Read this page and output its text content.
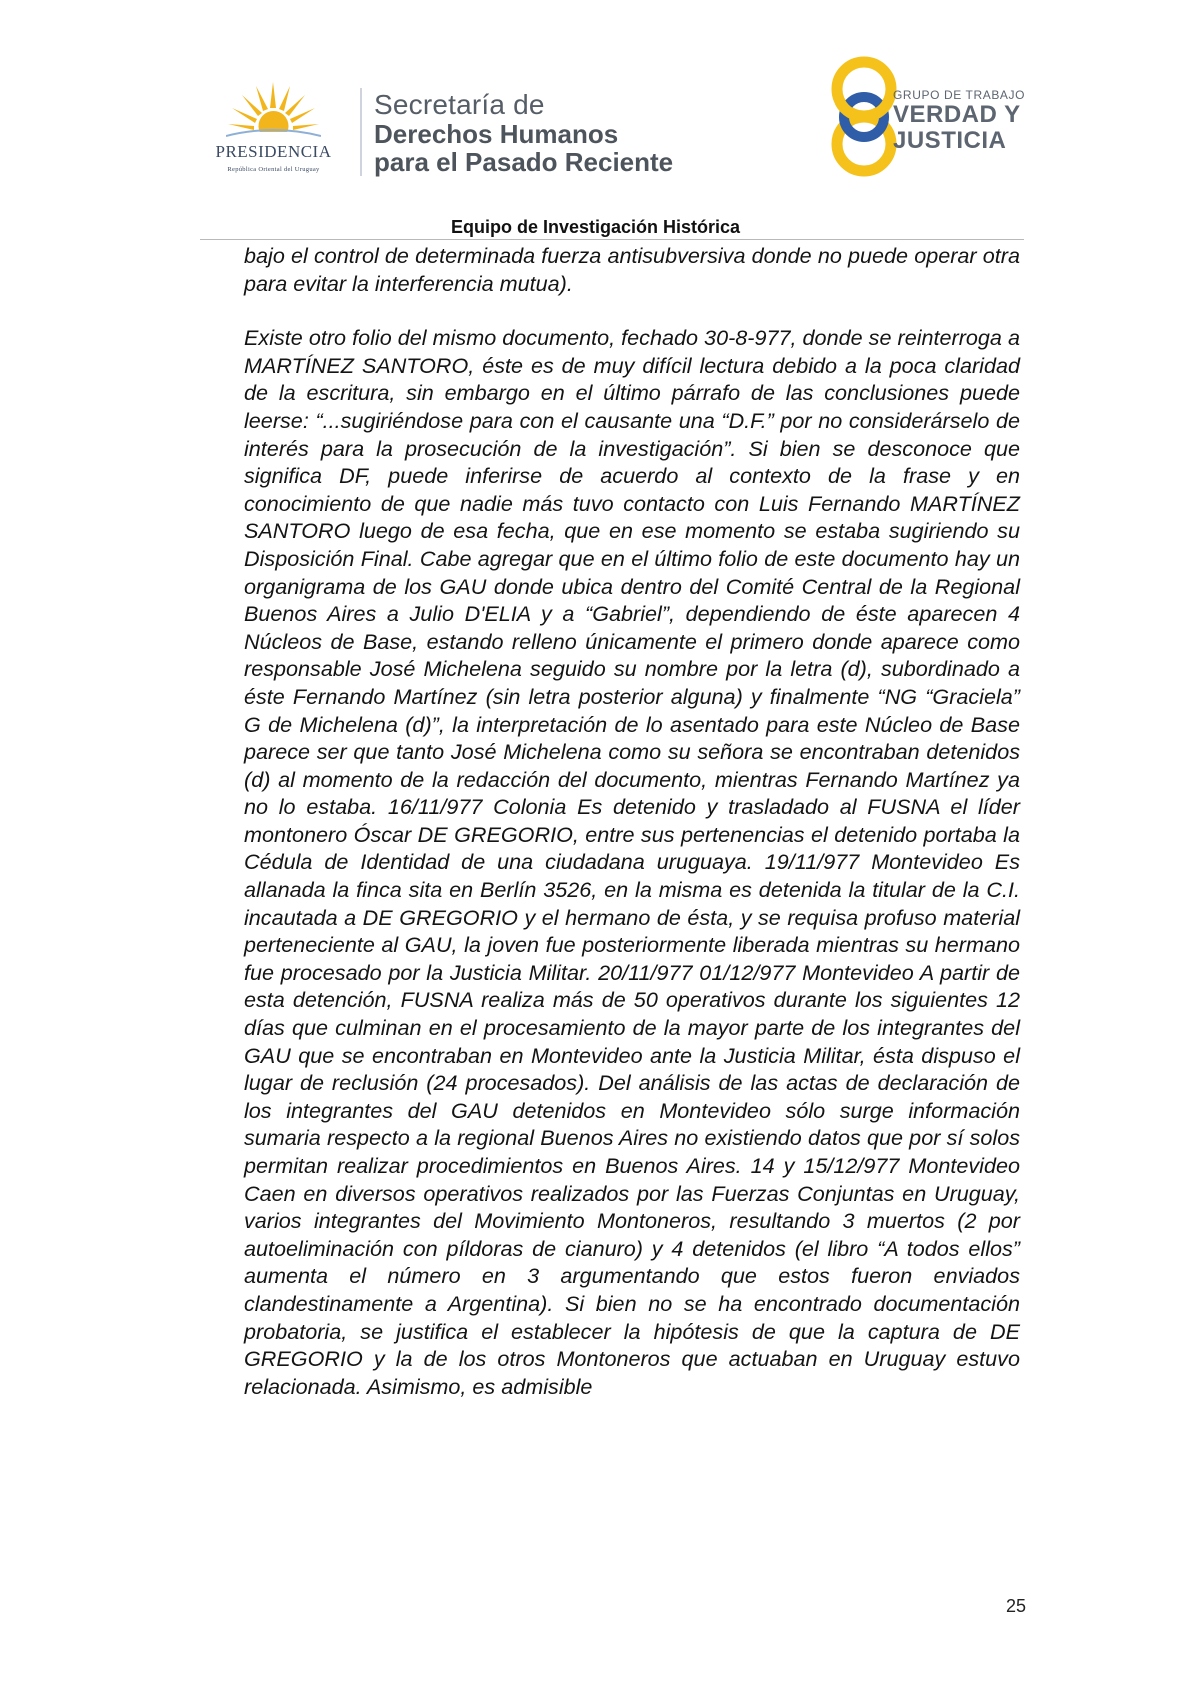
PRESIDENCIA
República Oriental del Uruguay
Secretaría de
Derechos Humanos
para el Pasado Reciente
GRUPO DE TRABAJO
VERDAD Y
JUSTICIA
Equipo de Investigación Histórica

bajo el control de determinada fuerza antisubversiva donde no puede operar otra para evitar la interferencia mutua).

Existe otro folio del mismo documento, fechado 30-8-977, donde se reinterroga a MARTÍNEZ SANTORO, éste es de muy difícil lectura debido a la poca claridad de la escritura, sin embargo en el último párrafo de las conclusiones puede leerse: “...sugiriéndose para con el causante una “D.F.” por no considerárselo de interés para la prosecución de la investigación”. Si bien se desconoce que significa DF, puede inferirse de acuerdo al contexto de la frase y en conocimiento de que nadie más tuvo contacto con Luis Fernando MARTÍNEZ SANTORO luego de esa fecha, que en ese momento se estaba sugiriendo su Disposición Final. Cabe agregar que en el último folio de este documento hay un organigrama de los GAU donde ubica dentro del Comité Central de la Regional Buenos Aires a Julio D'ELIA y a “Gabriel”, dependiendo de éste aparecen 4 Núcleos de Base, estando relleno únicamente el primero donde aparece como responsable José Michelena seguido su nombre por la letra (d), subordinado a éste Fernando Martínez (sin letra posterior alguna) y finalmente “NG “Graciela” G de Michelena (d)”, la interpretación de lo asentado para este Núcleo de Base parece ser que tanto José Michelena como su señora se encontraban detenidos (d) al momento de la redacción del documento, mientras Fernando Martínez ya no lo estaba. 16/11/977 Colonia Es detenido y trasladado al FUSNA el líder montonero Óscar DE GREGORIO, entre sus pertenencias el detenido portaba la Cédula de Identidad de una ciudadana uruguaya. 19/11/977 Montevideo Es allanada la finca sita en Berlín 3526, en la misma es detenida la titular de la C.I. incautada a DE GREGORIO y el hermano de ésta, y se requisa profuso material perteneciente al GAU, la joven fue posteriormente liberada mientras su hermano fue procesado por la Justicia Militar. 20/11/977 01/12/977 Montevideo A partir de esta detención, FUSNA realiza más de 50 operativos durante los siguientes 12 días que culminan en el procesamiento de la mayor parte de los integrantes del GAU que se encontraban en Montevideo ante la Justicia Militar, ésta dispuso el lugar de reclusión (24 procesados). Del análisis de las actas de declaración de los integrantes del GAU detenidos en Montevideo sólo surge información sumaria respecto a la regional Buenos Aires no existiendo datos que por sí solos permitan realizar procedimientos en Buenos Aires. 14 y 15/12/977 Montevideo Caen en diversos operativos realizados por las Fuerzas Conjuntas en Uruguay, varios integrantes del Movimiento Montoneros, resultando 3 muertos (2 por autoeliminación con píldoras de cianuro) y 4 detenidos (el libro “A todos ellos” aumenta el número en 3 argumentando que estos fueron enviados clandestinamente a Argentina). Si bien no se ha encontrado documentación probatoria, se justifica el establecer la hipótesis de que la captura de DE GREGORIO y la de los otros Montoneros que actuaban en Uruguay estuvo relacionada. Asimismo, es admisible

25
